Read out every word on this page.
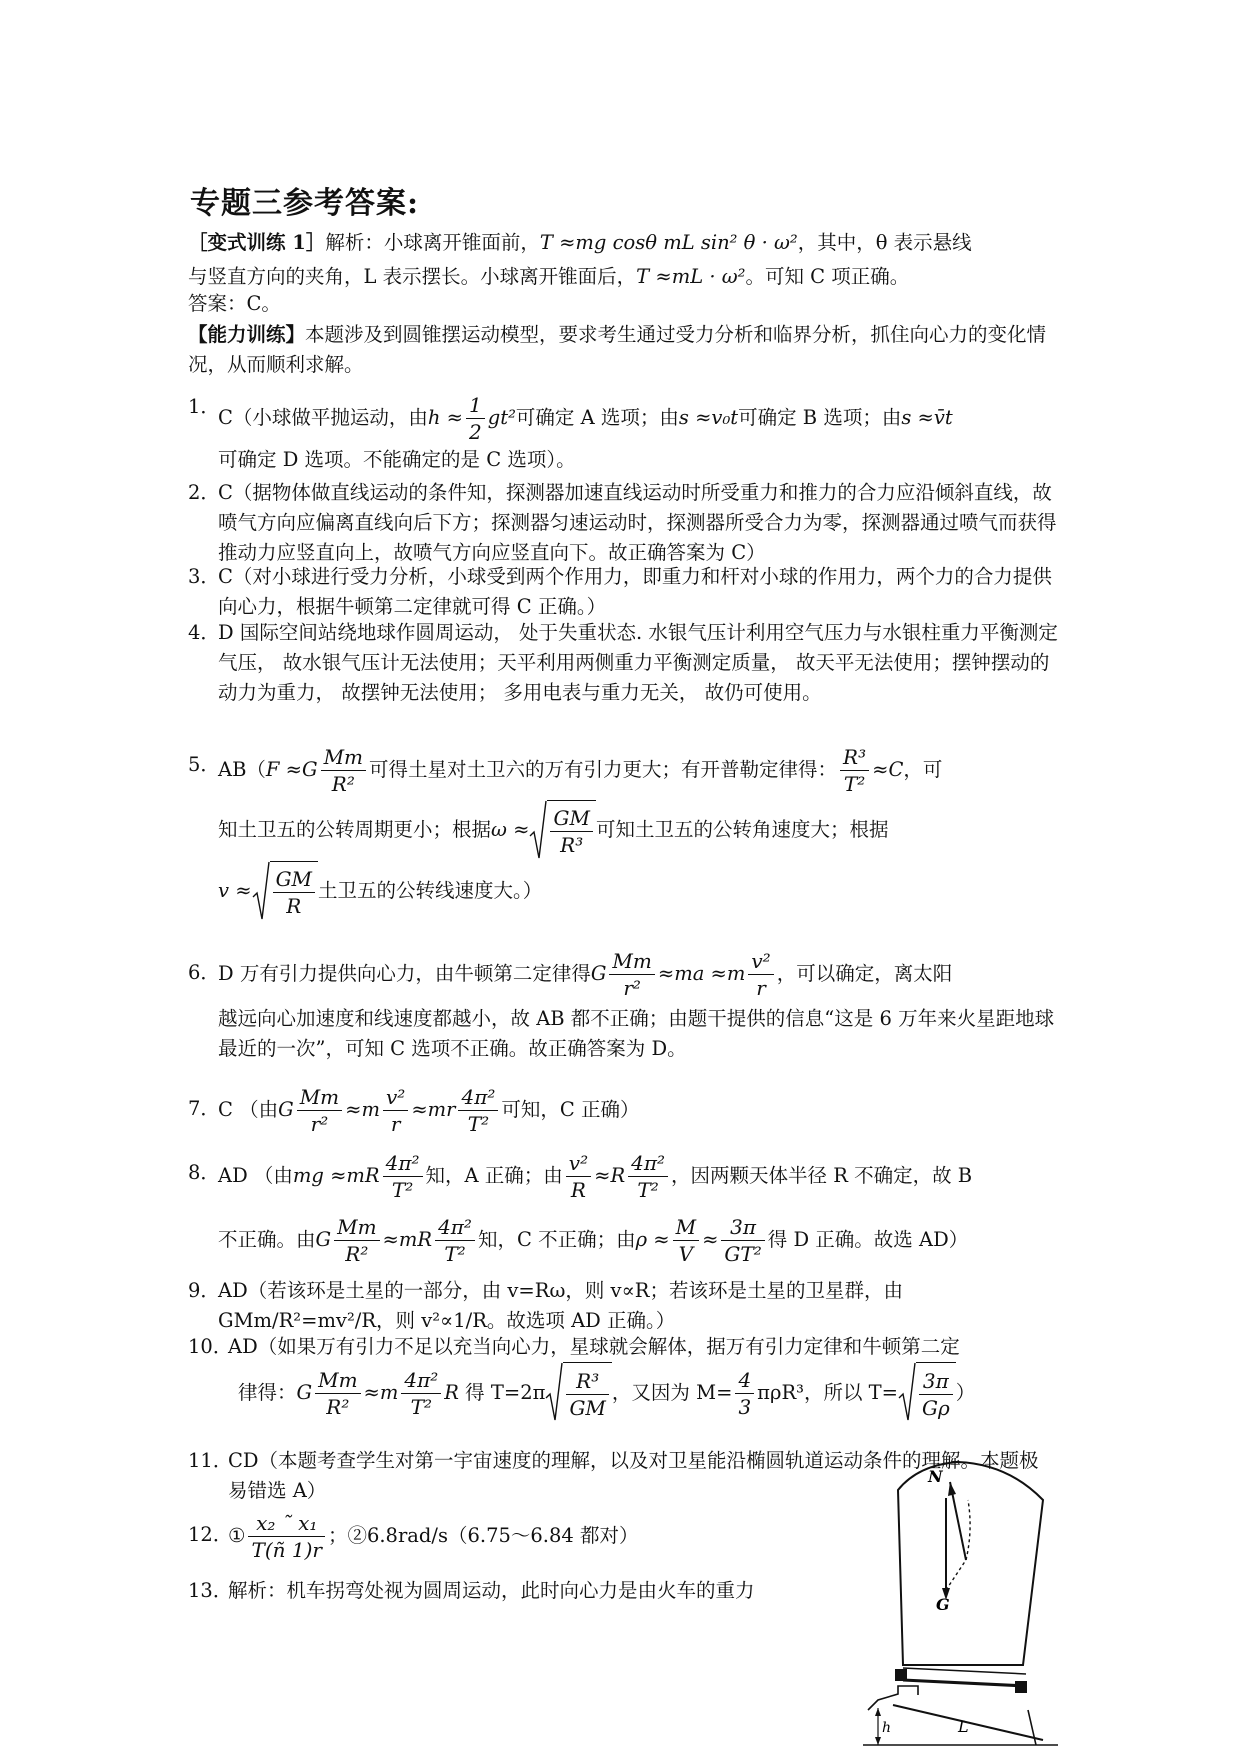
专题三参考答案:
［变式训练 1］解析：小球离开锥面前，T ≈mg cosθ mL sin² θ · ω²，其中，θ 表示悬线
与竖直方向的夹角，L 表示摆长。小球离开锥面后，T ≈mL · ω²。可知 C 项正确。
答案：C。
【能力训练】本题涉及到圆锥摆运动模型，要求考生通过受力分析和临界分析，抓住向心力的变化情况，从而顺利求解。
1．
C（小球做平抛运动，由$h \approx \frac{1}{2} gt^2$可确定 A 选项；由s ≈v₀t可确定 B 选项；由s ≈v̄t
可确定 D 选项。不能确定的是 C 选项）。
2．
C（据物体做直线运动的条件知，探测器加速直线运动时所受重力和推力的合力应沿倾斜直线，故喷气方向应偏离直线向后下方；探测器匀速运动时，探测器所受合力为零，探测器通过喷气而获得推动力应竖直向上，故喷气方向应竖直向下。故正确答案为 C）
3．
C（对小球进行受力分析，小球受到两个作用力，即重力和杆对小球的作用力，两个力的合力提供向心力，根据牛顿第二定律就可得 C 正确。）
4．
D 国际空间站绕地球作圆周运动， 处于失重状态. 水银气压计利用空气压力与水银柱重力平衡测定气压， 故水银气压计无法使用；天平利用两侧重力平衡测定质量， 故天平无法使用；摆钟摆动的动力为重力， 故摆钟无法使用； 多用电表与重力无关， 故仍可使用。
5．
$AB(F \approx G \frac{Mm}{\text{R²}}$ 可得土星对土卫六的万有引力更大；有开普勒定律得： $\frac{\text{R³}}{\text{T²}} \approx C$，可
知土卫五的公转周期更小；根据$\omega \approx \frac{GM}{\text{R³}}$ 可知土卫五的公转角速度大；根据
$v \approx \frac{GM}{R}$ 土卫五的公转线速度大。）
6．
D 万有引力提供向心力，由牛顿第二定律得G $\frac{Mm}{\text{r²}} \approx ma \approx m \frac{\text{v²}}{r}$ ，可以确定，离太阳
越远向心加速度和线速度都越小，故 AB 都不正确；由题干提供的信息“这是 6 万年来火星距地球最近的一次”，可知 C 选项不正确。故正确答案为 D。
7．
C （由G $\frac{Mm}{\text{r²}} \approx m \frac{\text{v²}}{r} \approx mr \frac{\text{4π²}}{\text{T²}}$ 可知，C 正确）
8．
AD （由mg $\approx mR \frac{\text{4π²}}{\text{T²}}$ 知，A 正确；由 $\frac{\text{v²}}{R} \approx R \frac{\text{4π²}}{\text{T²}}$ ，因两颗天体半径 R 不确定，故 B
不正确。由G $\frac{Mm}{\text{R²}} \approx mR \frac{\text{4π²}}{\text{T²}}$ 知，C 不正确；由$\rho \approx \frac{M}{V} \approx \frac{3\pi}{\text{GT²}}$ 得 D 正确。故选 AD）
9．
AD（若该环是土星的一部分，由 v=Rω，则 v∝R；若该环是土星的卫星群，由 GMm/R²=mv²/R，则 v²∝1/R。故选项 AD 正确。）
10．
AD（如果万有引力不足以充当向心力，星球就会解体，据万有引力定律和牛顿第二定
律得：G $\frac{Mm}{\text{R²}} \approx m \frac{\text{4π²}}{\text{T²}}$ R 得 $T=2\pi \frac{\text{R³}}{GM}$ ，又因为 $M= \frac{4}{3} \pi\rho R^3$，所以 $T= \frac{3\pi}{G\rho}$ ）
11．
CD（本题考查学生对第一宇宙速度的理解，以及对卫星能沿椭圆轨道运动条件的理解。本题极易错选 A）
12．
① $\frac{\text{x₂ ˜ x₁}}{T(ñ 1)r}$ ；②6.8rad/s（6.75～6.84 都对）
13．
解析：机车拐弯处视为圆周运动，此时向心力是由火车的重力
N
G
h	L
